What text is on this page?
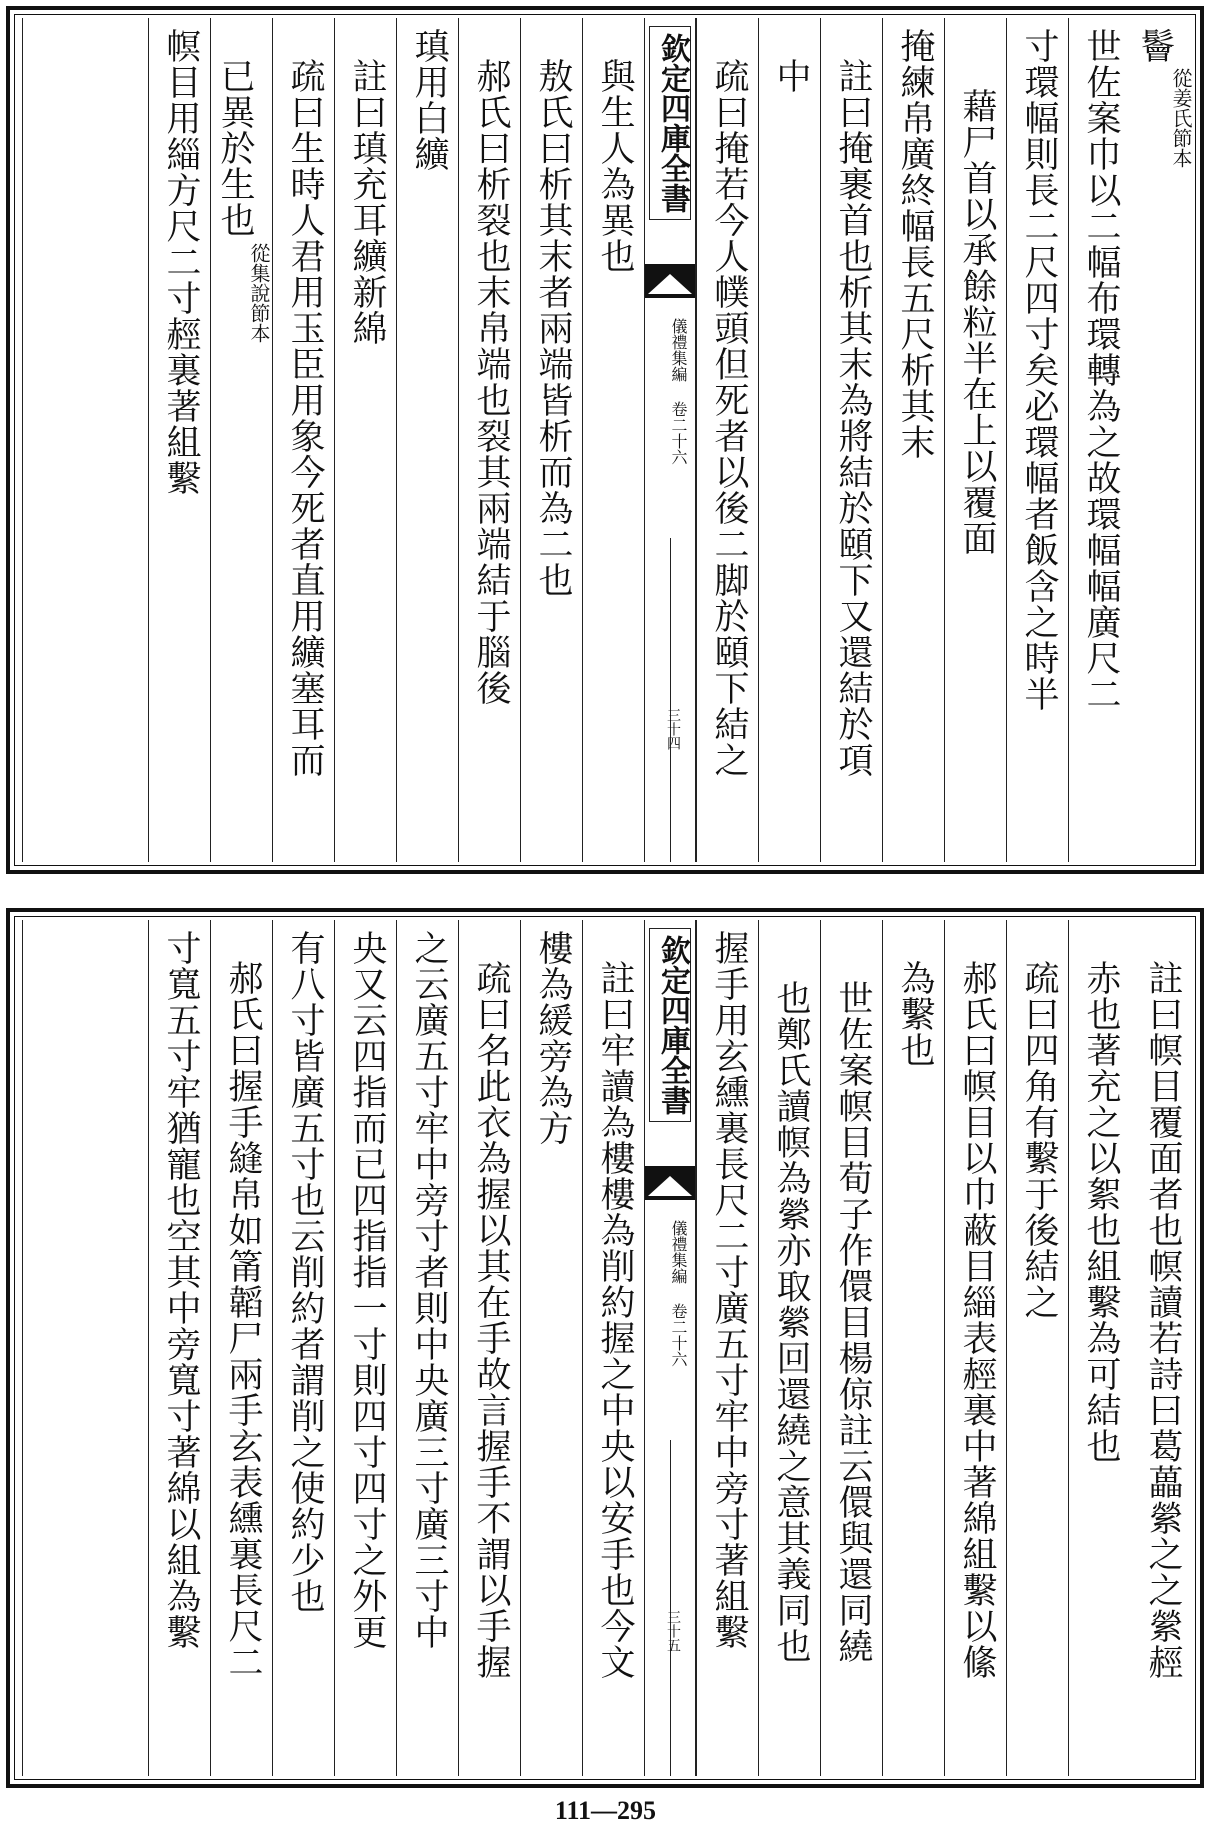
鬠
從姜氏節本
世佐案巾以二幅布環轉為之故環幅幅廣尺二
寸環幅則長二尺四寸矣必環幅者飯含之時半
藉尸首以承餘粒半在上以覆面
掩練帛廣終幅長五尺析其末
註曰掩裹首也析其末為將結於頤下又還結於項
中
疏曰掩若今人幞頭但死者以後二脚於頤下結之
欽定四庫全書
儀禮集編 卷二十六
三十四
與生人為異也
敖氏曰析其末者兩端皆析而為二也
郝氏曰析裂也末帛端也裂其兩端結于腦後
瑱用白纊
註曰瑱充耳纊新綿
疏曰生時人君用玉臣用象今死者直用纊塞耳而
已異於生也
從集說節本
幎目用緇方尺二寸䞓裏著組繫
註曰幎目覆面者也幎讀若詩曰葛藟縈之之縈䞓
赤也著充之以絮也組繫為可結也
疏曰四角有繫于後結之
郝氏曰幎目以巾蔽目緇表䞓裏中著綿組繫以絛
為繫也
世佐案幎目荀子作儇目楊倞註云儇與還同繞
也鄭氏讀幎為縈亦取縈回還繞之意其義同也
握手用玄纁裏長尺二寸廣五寸牢中旁寸著組繫
欽定四庫全書
儀禮集編 卷二十六
三十五
註曰牢讀為樓樓為削約握之中央以安手也今文
樓為緩旁為方
疏曰名此衣為握以其在手故言握手不謂以手握
之云廣五寸牢中旁寸者則中央廣三寸廣三寸中
央又云四指而已四指指一寸則四寸四寸之外更
有八寸皆廣五寸也云削約者謂削之使約少也
郝氏曰握手縫帛如筩韜尸兩手玄表纁裏長尺二
寸寬五寸牢猶寵也空其中旁寬寸著綿以組為繫
111—295
